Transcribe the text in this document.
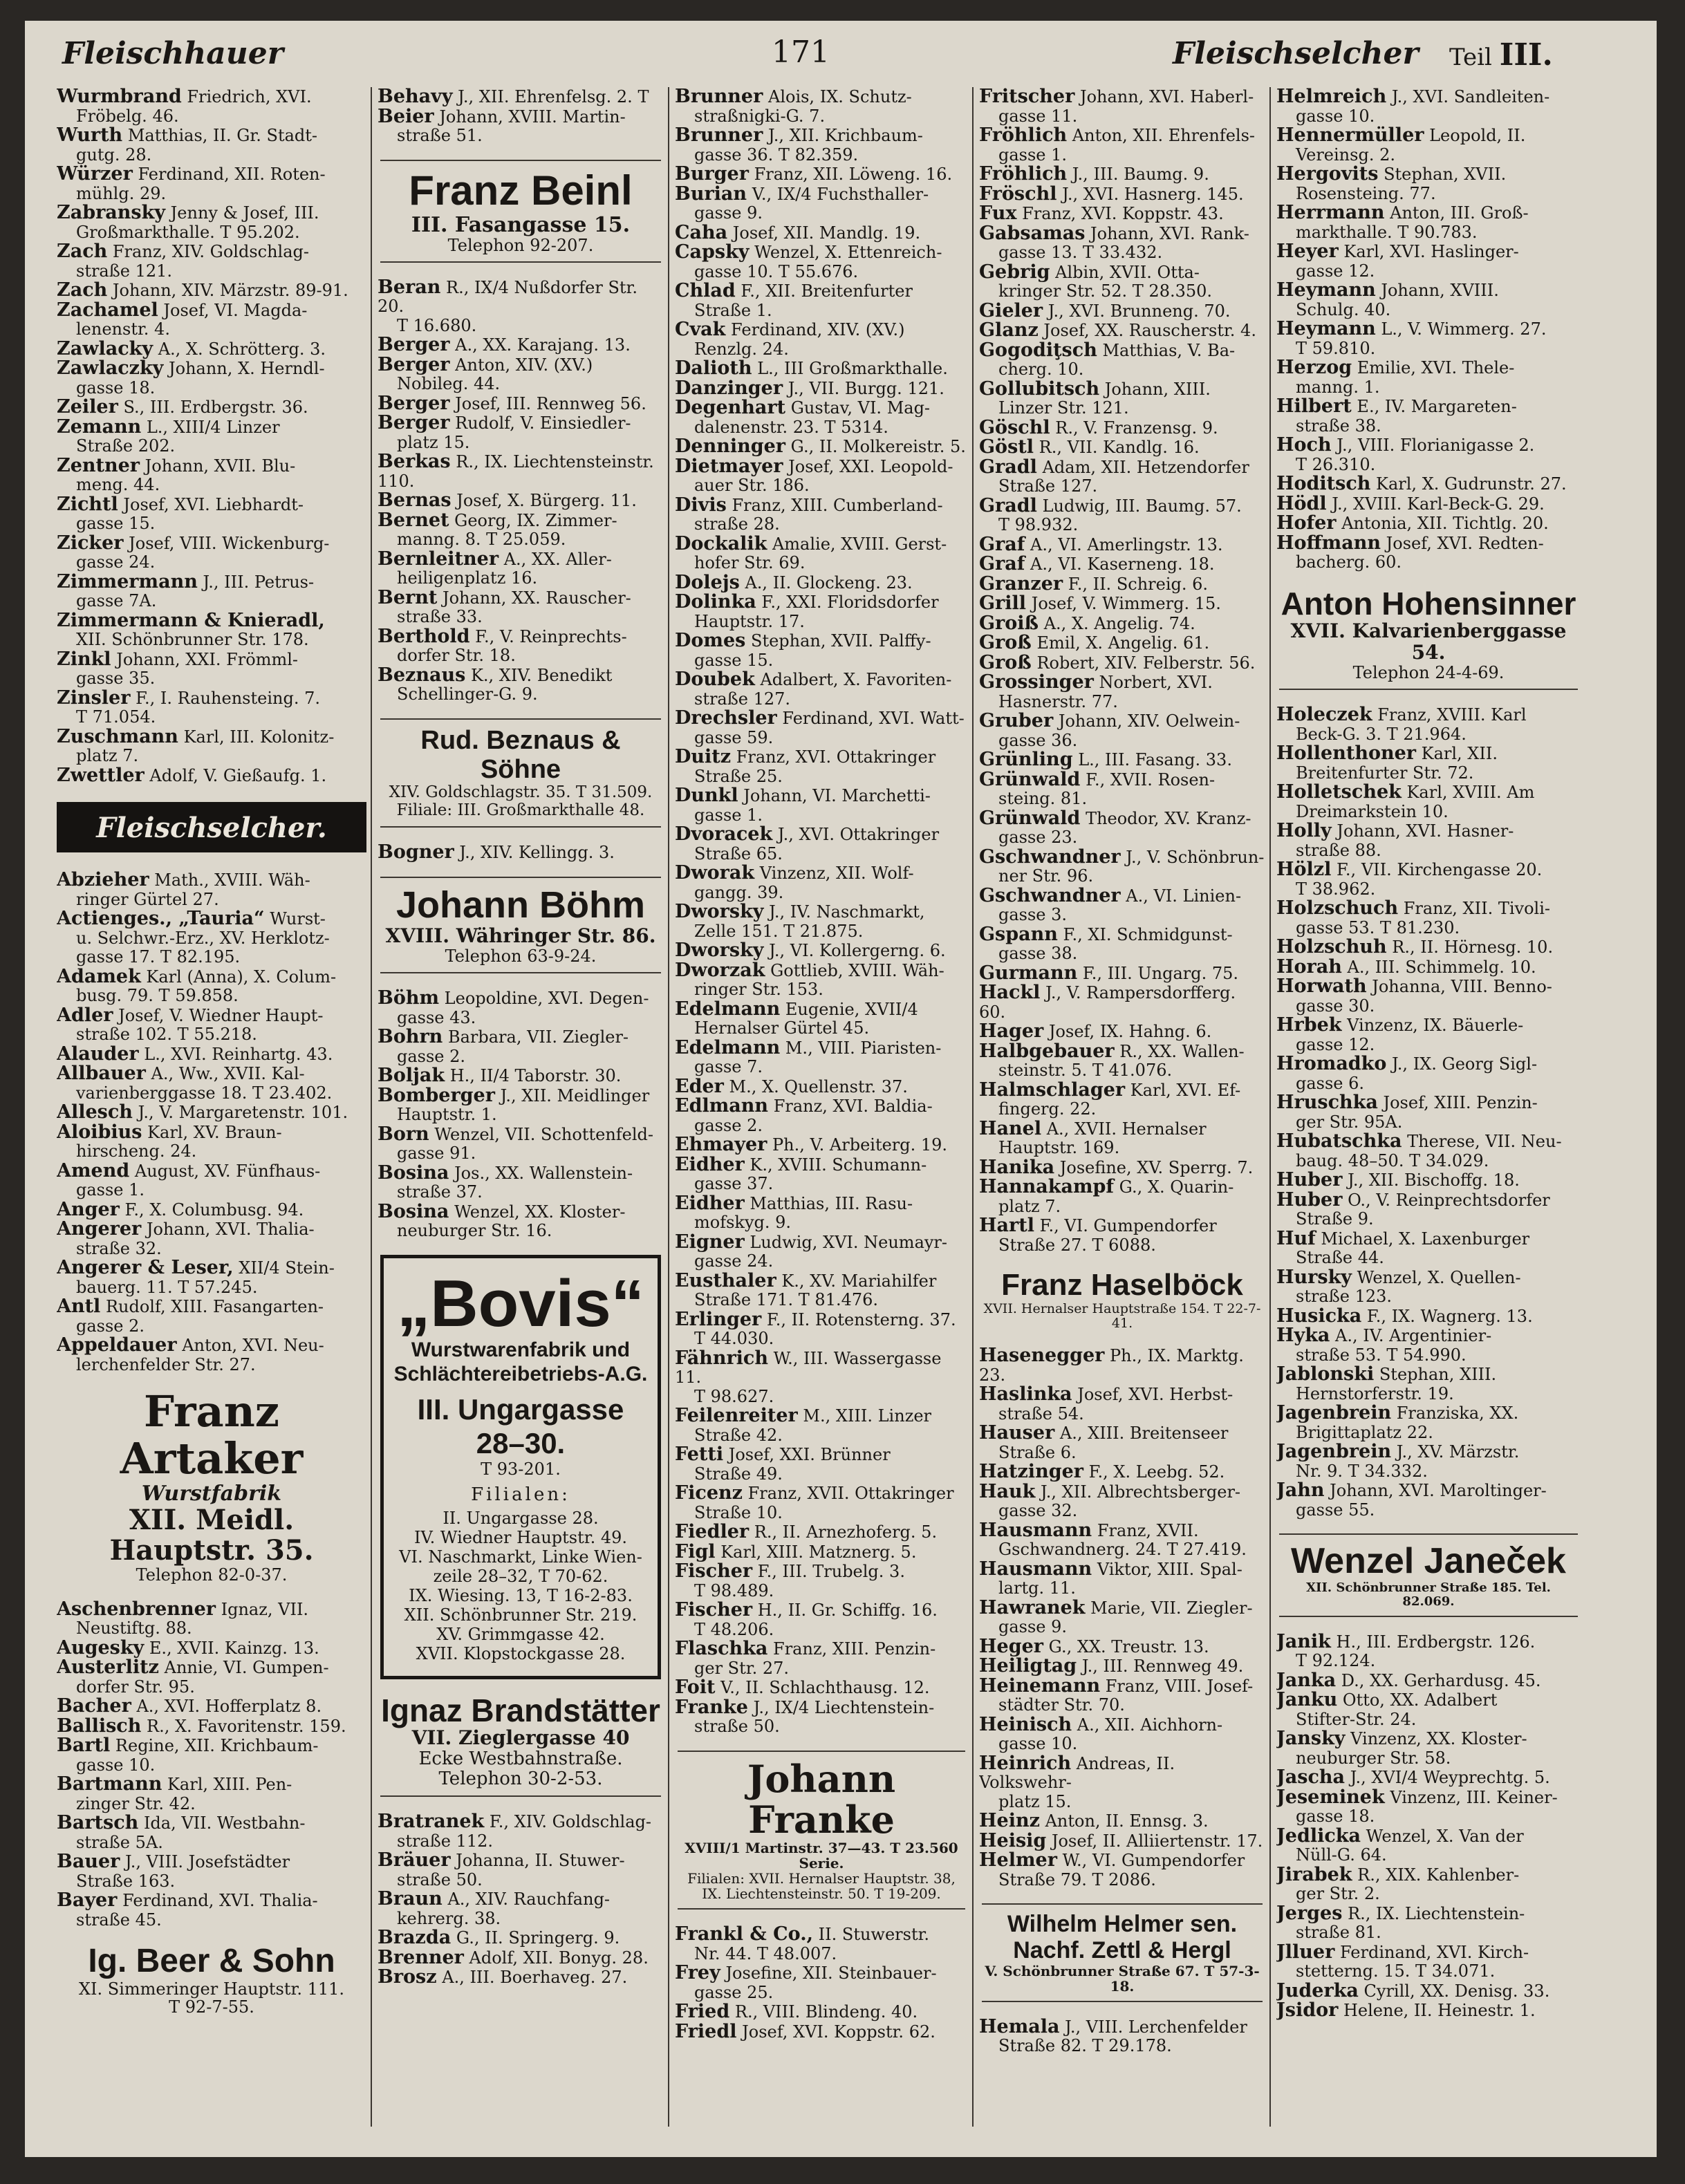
Fleischhauer	171	Fleischselcher Teil III.
Wurmbrand Friedrich, XVI.
Fröbelg. 46.
Wurth Matthias, II. Gr. Stadt-
gutg. 28.
Würzer Ferdinand, XII. Roten-
mühlg. 29.
Zabransky Jenny & Josef, III.
Großmarkthalle. T 95.202.
Zach Franz, XIV. Goldschlag-
straße 121.
Zach Johann, XIV. Märzstr. 89-91.
Zachamel Josef, VI. Magda-
lenenstr. 4.
Zawlacky A., X. Schrötterg. 3.
Zawlaczky Johann, X. Herndl-
gasse 18.
Zeiler S., III. Erdbergstr. 36.
Zemann L., XIII/4 Linzer
Straße 202.
Zentner Johann, XVII. Blu-
meng. 44.
Zichtl Josef, XVI. Liebhardt-
gasse 15.
Zicker Josef, VIII. Wickenburg-
gasse 24.
Zimmermann J., III. Petrus-
gasse 7A.
Zimmermann & Knieradl,
XII. Schönbrunner Str. 178.
Zinkl Johann, XXI. Frömml-
gasse 35.
Zinsler F., I. Rauhensteing. 7.
T 71.054.
Zuschmann Karl, III. Kolonitz-
platz 7.
Zwettler Adolf, V. Gießaufg. 1.
Fleischselcher.
Abzieher Math., XVIII. Wäh-
ringer Gürtel 27.
Actienges., „Tauria“ Wurst-
u. Selchwr.-Erz., XV. Herklotz-
gasse 17. T 82.195.
Adamek Karl (Anna), X. Colum-
busg. 79. T 59.858.
Adler Josef, V. Wiedner Haupt-
straße 102. T 55.218.
Alauder L., XVI. Reinhartg. 43.
Allbauer A., Ww., XVII. Kal-
varienberggasse 18. T 23.402.
Allesch J., V. Margaretenstr. 101.
Aloibius Karl, XV. Braun-
hirscheng. 24.
Amend August, XV. Fünfhaus-
gasse 1.
Anger F., X. Columbusg. 94.
Angerer Johann, XVI. Thalia-
straße 32.
Angerer & Leser, XII/4 Stein-
bauerg. 11. T 57.245.
Antl Rudolf, XIII. Fasangarten-
gasse 2.
Appeldauer Anton, XVI. Neu-
lerchenfelder Str. 27.
Franz Artaker
Wurstfabrik
XII. Meidl. Hauptstr. 35.
Telephon 82-0-37.
Aschenbrenner Ignaz, VII.
Neustiftg. 88.
Augesky E., XVII. Kainzg. 13.
Austerlitz Annie, VI. Gumpen-
dorfer Str. 95.
Bacher A., XVI. Hofferplatz 8.
Ballisch R., X. Favoritenstr. 159.
Bartl Regine, XII. Krichbaum-
gasse 10.
Bartmann Karl, XIII. Pen-
zinger Str. 42.
Bartsch Ida, VII. Westbahn-
straße 5A.
Bauer J., VIII. Josefstädter
Straße 163.
Bayer Ferdinand, XVI. Thalia-
straße 45.
Ig. Beer & Sohn
XI. Simmeringer Hauptstr. 111.
T 92-7-55.
Behavy J., XII. Ehrenfelsg. 2. T
Beier Johann, XVIII. Martin-
straße 51.
Franz Beinl
III. Fasangasse 15.
Telephon 92-207.
Beran R., IX/4 Nußdorfer Str. 20.
T 16.680.
Berger A., XX. Karajang. 13.
Berger Anton, XIV. (XV.)
Nobileg. 44.
Berger Josef, III. Rennweg 56.
Berger Rudolf, V. Einsiedler-
platz 15.
Berkas R., IX. Liechtensteinstr. 110.
Bernas Josef, X. Bürgerg. 11.
Bernet Georg, IX. Zimmer-
manng. 8. T 25.059.
Bernleitner A., XX. Aller-
heiligenplatz 16.
Bernt Johann, XX. Rauscher-
straße 33.
Berthold F., V. Reinprechts-
dorfer Str. 18.
Beznaus K., XIV. Benedikt
Schellinger-G. 9.
Rud. Beznaus & Söhne
XIV. Goldschlagstr. 35. T 31.509.
Filiale: III. Großmarkthalle 48.
Bogner J., XIV. Kellingg. 3.
Johann Böhm
XVIII. Währinger Str. 86.
Telephon 63-9-24.
Böhm Leopoldine, XVI. Degen-
gasse 43.
Bohrn Barbara, VII. Ziegler-
gasse 2.
Boljak H., II/4 Taborstr. 30.
Bomberger J., XII. Meidlinger
Hauptstr. 1.
Born Wenzel, VII. Schottenfeld-
gasse 91.
Bosina Jos., XX. Wallenstein-
straße 37.
Bosina Wenzel, XX. Kloster-
neuburger Str. 16.
„Bovis“
Wurstwarenfabrik und
Schlächtereibetriebs-A.G.
III. Ungargasse 28–30.
T 93-201.
Filialen:
II. Ungargasse 28.
IV. Wiedner Hauptstr. 49.
VI. Naschmarkt, Linke Wien-
zeile 28–32, T 70-62.
IX. Wiesing. 13, T 16-2-83.
XII. Schönbrunner Str. 219.
XV. Grimmgasse 42.
XVII. Klopstockgasse 28.
Ignaz Brandstätter
VII. Zieglergasse 40
Ecke Westbahnstraße.
Telephon 30-2-53.
Bratranek F., XIV. Goldschlag-
straße 112.
Bräuer Johanna, II. Stuwer-
straße 50.
Braun A., XIV. Rauchfang-
kehrerg. 38.
Brazda G., II. Springerg. 9.
Brenner Adolf, XII. Bonyg. 28.
Brosz A., III. Boerhaveg. 27.
Brunner Alois, IX. Schutz-
straßnigki-G. 7.
Brunner J., XII. Krichbaum-
gasse 36. T 82.359.
Burger Franz, XII. Löweng. 16.
Burian V., IX/4 Fuchsthaller-
gasse 9.
Caha Josef, XII. Mandlg. 19.
Capsky Wenzel, X. Ettenreich-
gasse 10. T 55.676.
Chlad F., XII. Breitenfurter
Straße 1.
Cvak Ferdinand, XIV. (XV.)
Renzlg. 24.
Dalioth L., III Großmarkthalle.
Danzinger J., VII. Burgg. 121.
Degenhart Gustav, VI. Mag-
dalenenstr. 23. T 5314.
Denninger G., II. Molkereistr. 5.
Dietmayer Josef, XXI. Leopold-
auer Str. 186.
Divis Franz, XIII. Cumberland-
straße 28.
Dockalik Amalie, XVIII. Gerst-
hofer Str. 69.
Dolejs A., II. Glockeng. 23.
Dolinka F., XXI. Floridsdorfer
Hauptstr. 17.
Domes Stephan, XVII. Palffy-
gasse 15.
Doubek Adalbert, X. Favoriten-
straße 127.
Drechsler Ferdinand, XVI. Watt-
gasse 59.
Duitz Franz, XVI. Ottakringer
Straße 25.
Dunkl Johann, VI. Marchetti-
gasse 1.
Dvoracek J., XVI. Ottakringer
Straße 65.
Dworak Vinzenz, XII. Wolf-
gangg. 39.
Dworsky J., IV. Naschmarkt,
Zelle 151. T 21.875.
Dworsky J., VI. Kollergerng. 6.
Dworzak Gottlieb, XVIII. Wäh-
ringer Str. 153.
Edelmann Eugenie, XVII/4
Hernalser Gürtel 45.
Edelmann M., VIII. Piaristen-
gasse 7.
Eder M., X. Quellenstr. 37.
Edlmann Franz, XVI. Baldia-
gasse 2.
Ehmayer Ph., V. Arbeiterg. 19.
Eidher K., XVIII. Schumann-
gasse 37.
Eidher Matthias, III. Rasu-
mofskyg. 9.
Eigner Ludwig, XVI. Neumayr-
gasse 24.
Eusthaler K., XV. Mariahilfer
Straße 171. T 81.476.
Erlinger F., II. Rotensterng. 37.
T 44.030.
Fähnrich W., III. Wassergasse 11.
T 98.627.
Feilenreiter M., XIII. Linzer
Straße 42.
Fetti Josef, XXI. Brünner
Straße 49.
Ficenz Franz, XVII. Ottakringer
Straße 10.
Fiedler R., II. Arnezhoferg. 5.
Figl Karl, XIII. Matznerg. 5.
Fischer F., III. Trubelg. 3.
T 98.489.
Fischer H., II. Gr. Schiffg. 16.
T 48.206.
Flaschka Franz, XIII. Penzin-
ger Str. 27.
Foit V., II. Schlachthausg. 12.
Franke J., IX/4 Liechtenstein-
straße 50.
Johann Franke
XVIII/1 Martinstr. 37—43. T 23.560 Serie.
Filialen: XVII. Hernalser Hauptstr. 38,
IX. Liechtensteinstr. 50. T 19-209.
Frankl & Co., II. Stuwerstr.
Nr. 44. T 48.007.
Frey Josefine, XII. Steinbauer-
gasse 25.
Fried R., VIII. Blindeng. 40.
Friedl Josef, XVI. Koppstr. 62.
Fritscher Johann, XVI. Haberl-
gasse 11.
Fröhlich Anton, XII. Ehrenfels-
gasse 1.
Fröhlich J., III. Baumg. 9.
Fröschl J., XVI. Hasnerg. 145.
Fux Franz, XVI. Koppstr. 43.
Gabsamas Johann, XVI. Rank-
gasse 13. T 33.432.
Gebrig Albin, XVII. Otta-
kringer Str. 52. T 28.350.
Gieler J., XVI. Brunneng. 70.
Glanz Josef, XX. Rauscherstr. 4.
Gogodiţsch Matthias, V. Ba-
cherg. 10.
Gollubitsch Johann, XIII.
Linzer Str. 121.
Göschl R., V. Franzensg. 9.
Göstl R., VII. Kandlg. 16.
Gradl Adam, XII. Hetzendorfer
Straße 127.
Gradl Ludwig, III. Baumg. 57.
T 98.932.
Graf A., VI. Amerlingstr. 13.
Graf A., VI. Kaserneng. 18.
Granzer F., II. Schreig. 6.
Grill Josef, V. Wimmerg. 15.
Groiß A., X. Angelig. 74.
Groß Emil, X. Angelig. 61.
Groß Robert, XIV. Felberstr. 56.
Grossinger Norbert, XVI.
Hasnerstr. 77.
Gruber Johann, XIV. Oelwein-
gasse 36.
Grünling L., III. Fasang. 33.
Grünwald F., XVII. Rosen-
steing. 81.
Grünwald Theodor, XV. Kranz-
gasse 23.
Gschwandner J., V. Schönbrun-
ner Str. 96.
Gschwandner A., VI. Linien-
gasse 3.
Gspann F., XI. Schmidgunst-
gasse 38.
Gurmann F., III. Ungarg. 75.
Hackl J., V. Rampersdorfferg. 60.
Hager Josef, IX. Hahng. 6.
Halbgebauer R., XX. Wallen-
steinstr. 5. T 41.076.
Halmschlager Karl, XVI. Ef-
fingerg. 22.
Hanel A., XVII. Hernalser
Hauptstr. 169.
Hanika Josefine, XV. Sperrg. 7.
Hannakampf G., X. Quarin-
platz 7.
Hartl F., VI. Gumpendorfer
Straße 27. T 6088.
Franz Haselböck
XVII. Hernalser Hauptstraße 154. T 22-7-41.
Hasenegger Ph., IX. Marktg. 23.
Haslinka Josef, XVI. Herbst-
straße 54.
Hauser A., XIII. Breitenseer
Straße 6.
Hatzinger F., X. Leebg. 52.
Hauk J., XII. Albrechtsberger-
gasse 32.
Hausmann Franz, XVII.
Gschwandnerg. 24. T 27.419.
Hausmann Viktor, XIII. Spal-
lartg. 11.
Hawranek Marie, VII. Ziegler-
gasse 9.
Heger G., XX. Treustr. 13.
Heiligtag J., III. Rennweg 49.
Heinemann Franz, VIII. Josef-
städter Str. 70.
Heinisch A., XII. Aichhorn-
gasse 10.
Heinrich Andreas, II. Volkswehr-
platz 15.
Heinz Anton, II. Ennsg. 3.
Heisig Josef, II. Alliiertenstr. 17.
Helmer W., VI. Gumpendorfer
Straße 79. T 2086.
Wilhelm Helmer sen.
Nachf. Zettl & Hergl
V. Schönbrunner Straße 67. T 57-3-18.
Hemala J., VIII. Lerchenfelder
Straße 82. T 29.178.
Helmreich J., XVI. Sandleiten-
gasse 10.
Hennermüller Leopold, II.
Vereinsg. 2.
Hergovits Stephan, XVII.
Rosensteing. 77.
Herrmann Anton, III. Groß-
markthalle. T 90.783.
Heyer Karl, XVI. Haslinger-
gasse 12.
Heymann Johann, XVIII.
Schulg. 40.
Heymann L., V. Wimmerg. 27.
T 59.810.
Herzog Emilie, XVI. Thele-
manng. 1.
Hilbert E., IV. Margareten-
straße 38.
Hoch J., VIII. Florianigasse 2.
T 26.310.
Hoditsch Karl, X. Gudrunstr. 27.
Hödl J., XVIII. Karl-Beck-G. 29.
Hofer Antonia, XII. Tichtlg. 20.
Hoffmann Josef, XVI. Redten-
bacherg. 60.
Anton Hohensinner
XVII. Kalvarienberggasse 54.
Telephon 24-4-69.
Holeczek Franz, XVIII. Karl
Beck-G. 3. T 21.964.
Hollenthoner Karl, XII.
Breitenfurter Str. 72.
Holletschek Karl, XVIII. Am
Dreimarkstein 10.
Holly Johann, XVI. Hasner-
straße 88.
Hölzl F., VII. Kirchengasse 20.
T 38.962.
Holzschuch Franz, XII. Tivoli-
gasse 53. T 81.230.
Holzschuh R., II. Hörnesg. 10.
Horah A., III. Schimmelg. 10.
Horwath Johanna, VIII. Benno-
gasse 30.
Hrbek Vinzenz, IX. Bäuerle-
gasse 12.
Hromadko J., IX. Georg Sigl-
gasse 6.
Hruschka Josef, XIII. Penzin-
ger Str. 95A.
Hubatschka Therese, VII. Neu-
baug. 48–50. T 34.029.
Huber J., XII. Bischoffg. 18.
Huber O., V. Reinprechtsdorfer
Straße 9.
Huf Michael, X. Laxenburger
Straße 44.
Hursky Wenzel, X. Quellen-
straße 123.
Husicka F., IX. Wagnerg. 13.
Hyka A., IV. Argentinier-
straße 53. T 54.990.
Jablonski Stephan, XIII.
Hernstorferstr. 19.
Jagenbrein Franziska, XX.
Brigittaplatz 22.
Jagenbrein J., XV. Märzstr.
Nr. 9. T 34.332.
Jahn Johann, XVI. Maroltinger-
gasse 55.
Wenzel Janeček
XII. Schönbrunner Straße 185. Tel. 82.069.
Janik H., III. Erdbergstr. 126.
T 92.124.
Janka D., XX. Gerhardusg. 45.
Janku Otto, XX. Adalbert
Stifter-Str. 24.
Jansky Vinzenz, XX. Kloster-
neuburger Str. 58.
Jascha J., XVI/4 Weyprechtg. 5.
Jeseminek Vinzenz, III. Keiner-
gasse 18.
Jedlicka Wenzel, X. Van der
Nüll-G. 64.
Jirabek R., XIX. Kahlenber-
ger Str. 2.
Jerges R., IX. Liechtenstein-
straße 81.
Jlluer Ferdinand, XVI. Kirch-
stetterng. 15. T 34.071.
Juderka Cyrill, XX. Denisg. 33.
Jsidor Helene, II. Heinestr. 1.
